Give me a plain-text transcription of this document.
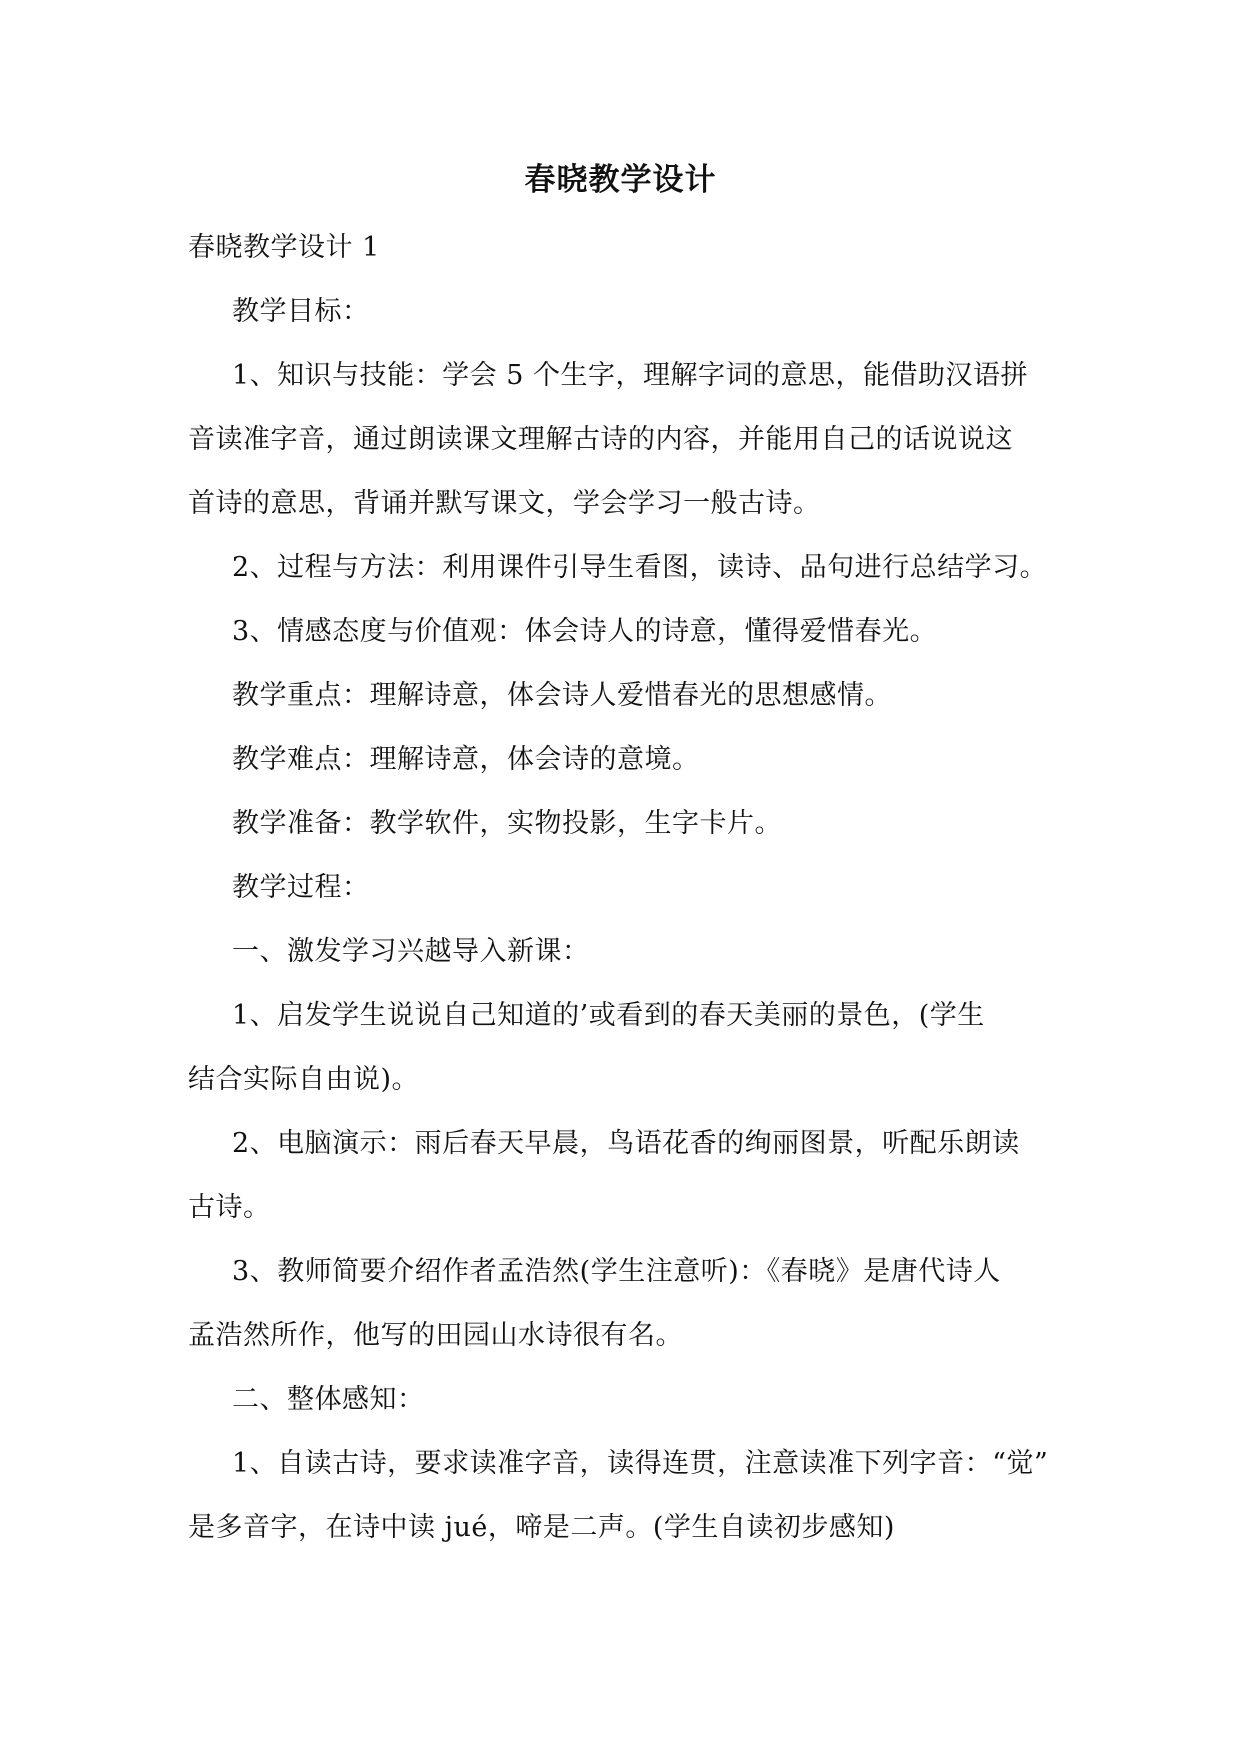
春晓教学设计
春晓教学设计 1
教学目标：
1、知识与技能：学会 5 个生字，理解字词的意思，能借助汉语拼
音读准字音，通过朗读课文理解古诗的内容，并能用自己的话说说这
首诗的意思，背诵并默写课文，学会学习一般古诗。
2、过程与方法：利用课件引导生看图，读诗、品句进行总结学习。
3、情感态度与价值观：体会诗人的诗意，懂得爱惜春光。
教学重点：理解诗意，体会诗人爱惜春光的思想感情。
教学难点：理解诗意，体会诗的意境。
教学准备：教学软件，实物投影，生字卡片。
教学过程：
一、激发学习兴越导入新课：
1、启发学生说说自己知道的’或看到的春天美丽的景色，(学生
结合实际自由说)。
2、电脑演示：雨后春天早晨，鸟语花香的绚丽图景，听配乐朗读
古诗。
3、教师简要介绍作者孟浩然(学生注意听)：《春晓》是唐代诗人
孟浩然所作，他写的田园山水诗很有名。
二、整体感知：
1、自读古诗，要求读准字音，读得连贯，注意读准下列字音：“觉”
是多音字，在诗中读 jué，啼是二声。(学生自读初步感知)
